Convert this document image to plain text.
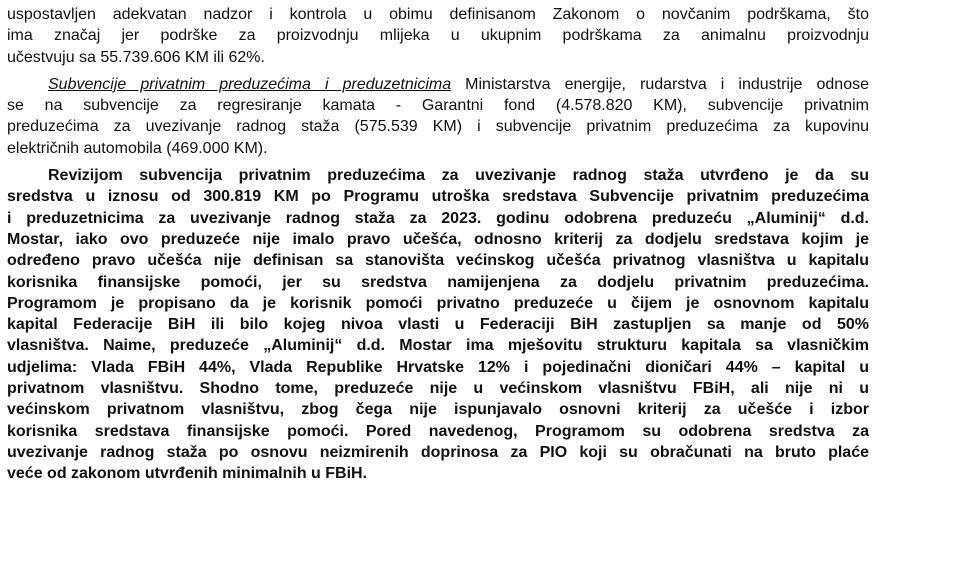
uspostavljen adekvatan nadzor i kontrola u obimu definisanom Zakonom o novčanim podrškama, što
ima značaj jer podrške za proizvodnju mlijeka u ukupnim podrškama za animalnu proizvodnju
učestvuju sa 55.739.606 KM ili 62%.
Subvencije privatnim preduzećima i preduzetnicima Ministarstva energije, rudarstva i industrije odnose
se na subvencije za regresiranje kamata - Garantni fond (4.578.820 KM), subvencije privatnim
preduzećima za uvezivanje radnog staža (575.539 KM) i subvencije privatnim preduzećima za kupovinu
električnih automobila (469.000 KM).
Revizijom subvencija privatnim preduzećima za uvezivanje radnog staža utvrđeno je da su
sredstva u iznosu od 300.819 KM po Programu utroška sredstava Subvencije privatnim preduzećima
i preduzetnicima za uvezivanje radnog staža za 2023. godinu odobrena preduzeću „Aluminij“ d.d.
Mostar, iako ovo preduzeće nije imalo pravo učešća, odnosno kriterij za dodjelu sredstava kojim je
određeno pravo učešća nije definisan sa stanovišta većinskog učešća privatnog vlasništva u kapitalu
korisnika finansijske pomoći, jer su sredstva namijenjena za dodjelu privatnim preduzećima.
Programom je propisano da je korisnik pomoći privatno preduzeće u čijem je osnovnom kapitalu
kapital Federacije BiH ili bilo kojeg nivoa vlasti u Federaciji BiH zastupljen sa manje od 50%
vlasništva. Naime, preduzeće „Aluminij“ d.d. Mostar ima mješovitu strukturu kapitala sa vlasničkim
udjelima: Vlada FBiH 44%, Vlada Republike Hrvatske 12% i pojedinačni dioničari 44% – kapital u
privatnom vlasništvu. Shodno tome, preduzeće nije u većinskom vlasništvu FBiH, ali nije ni u
većinskom privatnom vlasništvu, zbog čega nije ispunjavalo osnovni kriterij za učešće i izbor
korisnika sredstava finansijske pomoći. Pored navedenog, Programom su odobrena sredstva za
uvezivanje radnog staža po osnovu neizmirenih doprinosa za PIO koji su obračunati na bruto plaće
veće od zakonom utvrđenih minimalnih u FBiH.
